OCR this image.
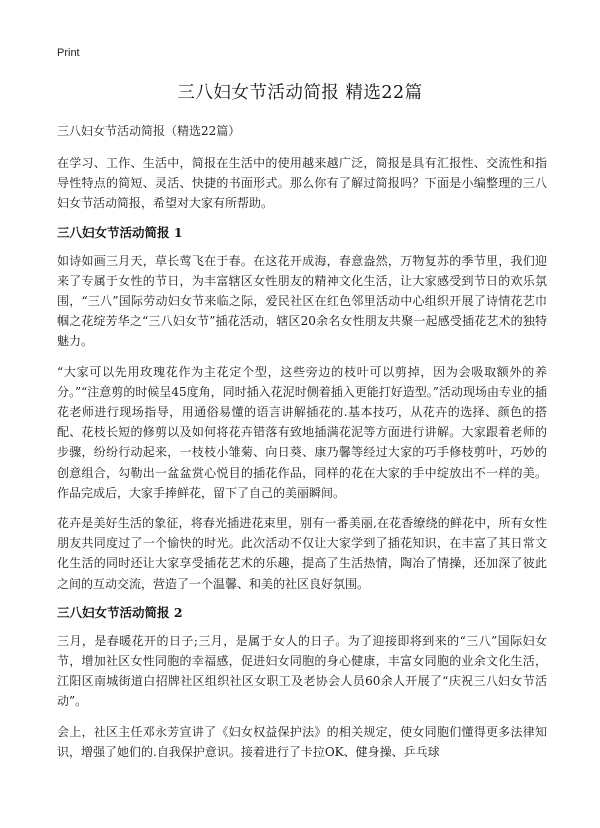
Print
三八妇女节活动简报 精选22篇

三八妇女节活动简报（精选22篇）

在学习、工作、生活中，简报在生活中的使用越来越广泛，简报是具有汇报性、交流性和指导性特点的简短、灵活、快捷的书面形式。那么你有了解过简报吗？下面是小编整理的三八妇女节活动简报，希望对大家有所帮助。

三八妇女节活动简报 1

如诗如画三月天，草长莺飞在于春。在这花开成海，春意盎然，万物复苏的季节里，我们迎来了专属于女性的节日，为丰富辖区女性朋友的精神文化生活，让大家感受到节日的欢乐氛围，“三八”国际劳动妇女节来临之际，爱民社区在红色邻里活动中心组织开展了诗情花艺巾帼之花绽芳华之“三八妇女节”插花活动，辖区20余名女性朋友共聚一起感受插花艺术的独特魅力。

“大家可以先用玫瑰花作为主花定个型，这些旁边的枝叶可以剪掉，因为会吸取额外的养分。”“注意剪的时候呈45度角，同时插入花泥时侧着插入更能打好造型。”活动现场由专业的插花老师进行现场指导，用通俗易懂的语言讲解插花的.基本技巧，从花卉的选择、颜色的搭配、花枝长短的修剪以及如何将花卉错落有致地插满花泥等方面进行讲解。大家跟着老师的步骤，纷纷行动起来，一枝枝小雏菊、向日葵、康乃馨等经过大家的巧手修枝剪叶，巧妙的创意组合，勾勒出一盆盆赏心悦目的插花作品，同样的花在大家的手中绽放出不一样的美。作品完成后，大家手捧鲜花，留下了自己的美丽瞬间。

花卉是美好生活的象征，将春光插进花束里，别有一番美丽,在花香缭绕的鲜花中，所有女性朋友共同度过了一个愉快的时光。此次活动不仅让大家学到了插花知识，在丰富了其日常文化生活的同时还让大家享受插花艺术的乐趣，提高了生活热情，陶冶了情操，还加深了彼此之间的互动交流，营造了一个温馨、和美的社区良好氛围。

三八妇女节活动简报 2

三月，是春暖花开的日子;三月，是属于女人的日子。为了迎接即将到来的“三八”国际妇女节，增加社区女性同胞的幸福感，促进妇女同胞的身心健康，丰富女同胞的业余文化生活，江阳区南城街道白招牌社区组织社区女职工及老协会人员60余人开展了“庆祝三八妇女节活动”。

会上，社区主任邓永芳宣讲了《妇女权益保护法》的相关规定，使女同胞们懂得更多法律知识，增强了她们的.自我保护意识。接着进行了卡拉OK、健身操、乒乓球
